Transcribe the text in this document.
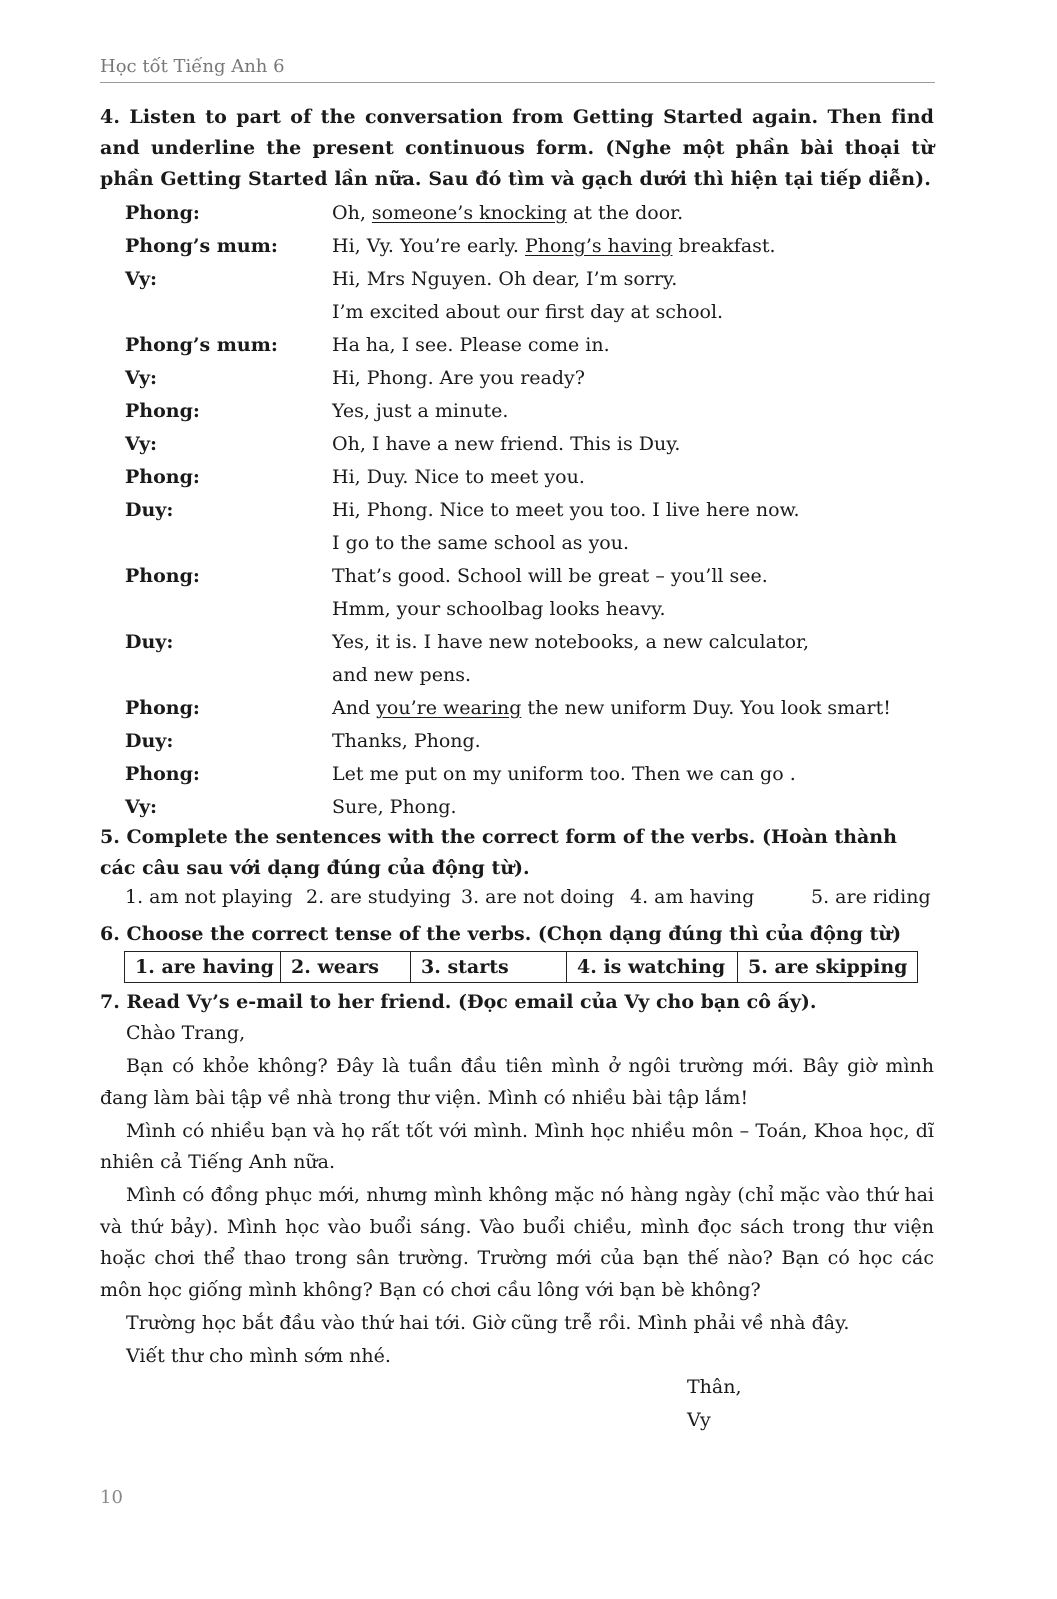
Học tốt Tiếng Anh 6
4. Listen to part of the conversation from Getting Started again. Then find and underline the present continuous form. (Nghe một phần bài thoại từ phần Getting Started lần nữa. Sau đó tìm và gạch dưới thì hiện tại tiếp diễn).
Phong:	Oh, someone’s knocking at the door.
Phong’s mum:	Hi, Vy. You’re early. Phong’s having breakfast.
Vy:	Hi, Mrs Nguyen. Oh dear, I’m sorry.
I’m excited about our first day at school.
Phong’s mum:	Ha ha, I see. Please come in.
Vy:	Hi, Phong. Are you ready?
Phong:	Yes, just a minute.
Vy:	Oh, I have a new friend. This is Duy.
Phong:	Hi, Duy. Nice to meet you.
Duy:	Hi, Phong. Nice to meet you too. I live here now.
I go to the same school as you.
Phong:	That’s good. School will be great – you’ll see.
Hmm, your schoolbag looks heavy.
Duy:	Yes, it is. I have new notebooks, a new calculator,
and new pens.
Phong:	And you’re wearing the new uniform Duy. You look smart!
Duy:	Thanks, Phong.
Phong:	Let me put on my uniform too. Then we can go .
Vy:	Sure, Phong.
5. Complete the sentences with the correct form of the verbs. (Hoàn thành các câu sau với dạng đúng của động từ).
1. am not playing 2. are studying 3. are not doing 4. am having	5. are riding
6. Choose the correct tense of the verbs. (Chọn dạng đúng thì của động từ)
1. are having	2. wears	3. starts	4. is watching	5. are skipping
7. Read Vy’s e-mail to her friend. (Đọc email của Vy cho bạn cô ấy).

Chào Trang,

Bạn có khỏe không? Đây là tuần đầu tiên mình ở ngôi trường mới. Bây giờ mình đang làm bài tập về nhà trong thư viện. Mình có nhiều bài tập lắm!

Mình có nhiều bạn và họ rất tốt với mình. Mình học nhiều môn – Toán, Khoa học, dĩ nhiên cả Tiếng Anh nữa.

Mình có đồng phục mới, nhưng mình không mặc nó hàng ngày (chỉ mặc vào thứ hai và thứ bảy). Mình học vào buổi sáng. Vào buổi chiều, mình đọc sách trong thư viện hoặc chơi thể thao trong sân trường. Trường mới của bạn thế nào? Bạn có học các môn học giống mình không? Bạn có chơi cầu lông với bạn bè không?

Trường học bắt đầu vào thứ hai tới. Giờ cũng trễ rồi. Mình phải về nhà đây.

Viết thư cho mình sớm nhé.

Thân,
Vy
10
